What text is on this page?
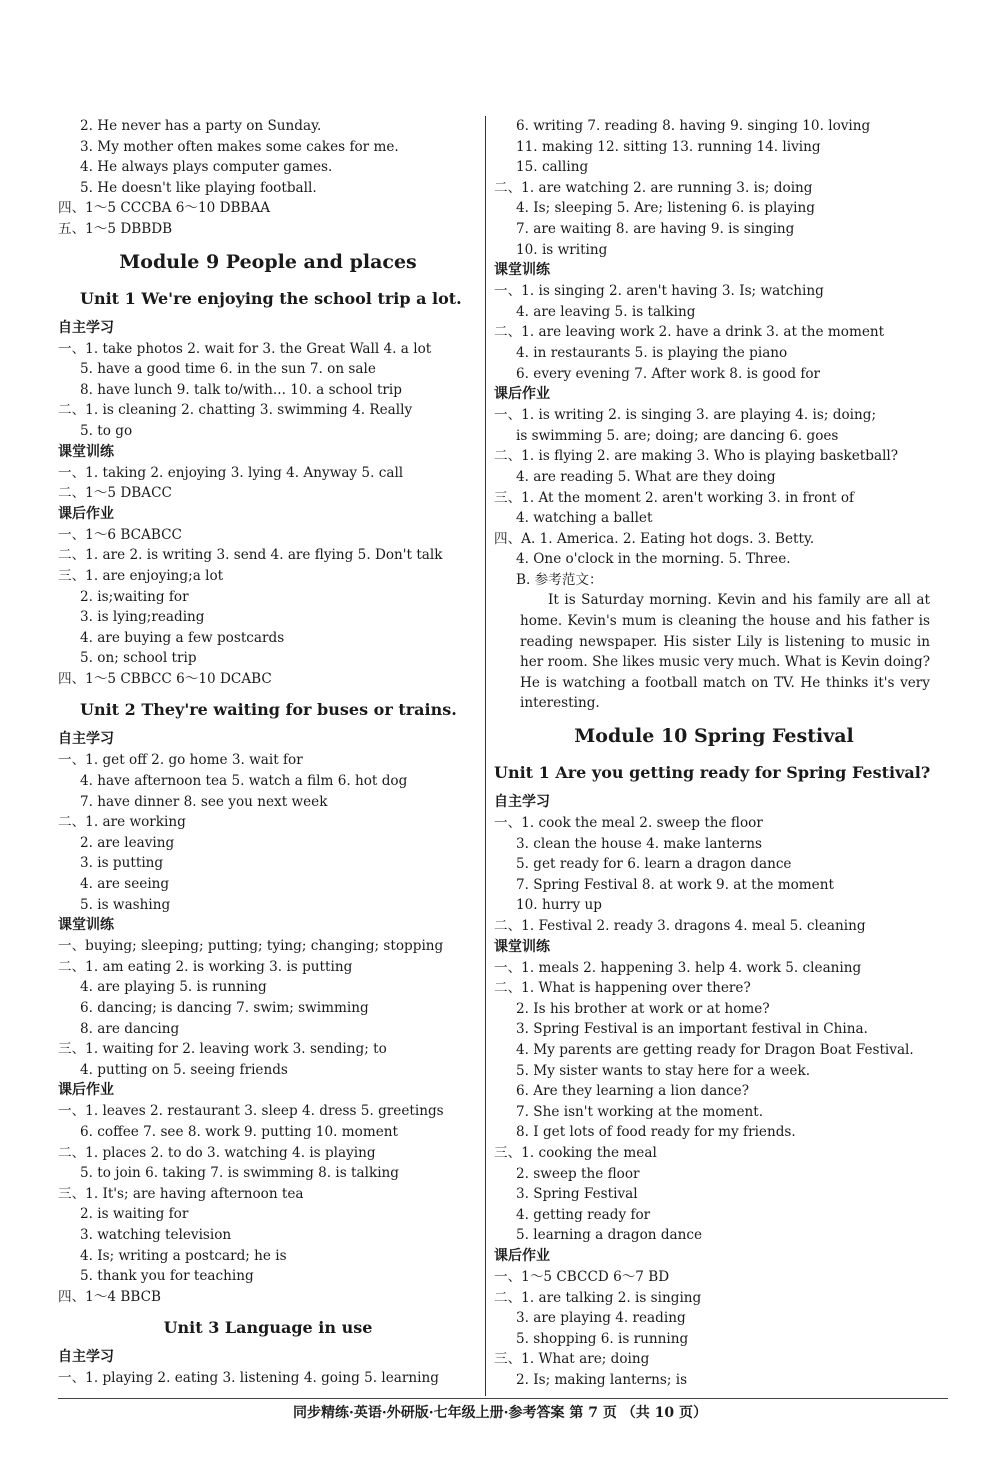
2. He never has a party on Sunday.
3. My mother often makes some cakes for me.
4. He always plays computer games.
5. He doesn't like playing football.
四、1～5 CCCBA 6～10 DBBAA
五、1～5 DBBDB
Module 9 People and places
Unit 1 We're enjoying the school trip a lot.
自主学习
一、1. take photos 2. wait for 3. the Great Wall 4. a lot
5. have a good time 6. in the sun 7. on sale
8. have lunch 9. talk to/with... 10. a school trip
二、1. is cleaning 2. chatting 3. swimming 4. Really
5. to go
课堂训练
一、1. taking 2. enjoying 3. lying 4. Anyway 5. call
二、1～5 DBACC
课后作业
一、1～6 BCABCC
二、1. are 2. is writing 3. send 4. are flying 5. Don't talk
三、1. are enjoying;a lot
2. is;waiting for
3. is lying;reading
4. are buying a few postcards
5. on; school trip
四、1～5 CBBCC 6～10 DCABC
Unit 2 They're waiting for buses or trains.
自主学习
一、1. get off 2. go home 3. wait for
4. have afternoon tea 5. watch a film 6. hot dog
7. have dinner 8. see you next week
二、1. are working
2. are leaving
3. is putting
4. are seeing
5. is washing
课堂训练
一、buying; sleeping; putting; tying; changing; stopping
二、1. am eating 2. is working 3. is putting
4. are playing 5. is running
6. dancing; is dancing 7. swim; swimming
8. are dancing
三、1. waiting for 2. leaving work 3. sending; to
4. putting on 5. seeing friends
课后作业
一、1. leaves 2. restaurant 3. sleep 4. dress 5. greetings
6. coffee 7. see 8. work 9. putting 10. moment
二、1. places 2. to do 3. watching 4. is playing
5. to join 6. taking 7. is swimming 8. is talking
三、1. It's; are having afternoon tea
2. is waiting for
3. watching television
4. Is; writing a postcard; he is
5. thank you for teaching
四、1～4 BBCB
Unit 3 Language in use
自主学习
一、1. playing 2. eating 3. listening 4. going 5. learning
6. writing 7. reading 8. having 9. singing 10. loving
11. making 12. sitting 13. running 14. living
15. calling
二、1. are watching 2. are running 3. is; doing
4. Is; sleeping 5. Are; listening 6. is playing
7. are waiting 8. are having 9. is singing
10. is writing
课堂训练
一、1. is singing 2. aren't having 3. Is; watching
4. are leaving 5. is talking
二、1. are leaving work 2. have a drink 3. at the moment
4. in restaurants 5. is playing the piano
6. every evening 7. After work 8. is good for
课后作业
一、1. is writing 2. is singing 3. are playing 4. is; doing;
is swimming 5. are; doing; are dancing 6. goes
二、1. is flying 2. are making 3. Who is playing basketball?
4. are reading 5. What are they doing
三、1. At the moment 2. aren't working 3. in front of
4. watching a ballet
四、A. 1. America. 2. Eating hot dogs. 3. Betty.
4. One o'clock in the morning. 5. Three.
B. 参考范文：
It is Saturday morning. Kevin and his family are all at home. Kevin's mum is cleaning the house and his father is reading newspaper. His sister Lily is listening to music in her room. She likes music very much. What is Kevin doing? He is watching a football match on TV. He thinks it's very interesting.
Module 10 Spring Festival
Unit 1 Are you getting ready for Spring Festival?
自主学习
一、1. cook the meal 2. sweep the floor
3. clean the house 4. make lanterns
5. get ready for 6. learn a dragon dance
7. Spring Festival 8. at work 9. at the moment
10. hurry up
二、1. Festival 2. ready 3. dragons 4. meal 5. cleaning
课堂训练
一、1. meals 2. happening 3. help 4. work 5. cleaning
二、1. What is happening over there?
2. Is his brother at work or at home?
3. Spring Festival is an important festival in China.
4. My parents are getting ready for Dragon Boat Festival.
5. My sister wants to stay here for a week.
6. Are they learning a lion dance?
7. She isn't working at the moment.
8. I get lots of food ready for my friends.
三、1. cooking the meal
2. sweep the floor
3. Spring Festival
4. getting ready for
5. learning a dragon dance
课后作业
一、1～5 CBCCD 6～7 BD
二、1. are talking 2. is singing
3. are playing 4. reading
5. shopping 6. is running
三、1. What are; doing
2. Is; making lanterns; is
同步精练·英语·外研版·七年级上册·参考答案 第 7 页 （共 10 页）
